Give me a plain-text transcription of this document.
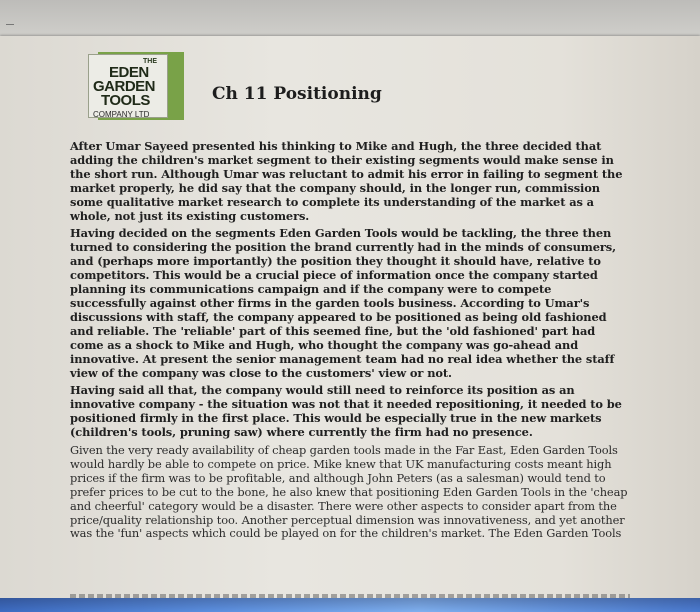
THE
EDEN
GARDEN
TOOLS
COMPANY LTD
Ch 11 Positioning

After Umar Sayeed presented his thinking to Mike and Hugh, the three decided that adding the children's market segment to their existing segments would make sense in the short run. Although Umar was reluctant to admit his error in failing to segment the market properly, he did say that the company should, in the longer run, commission some qualitative market research to complete its understanding of the market as a whole, not just its existing customers.

Having decided on the segments Eden Garden Tools would be tackling, the three then turned to considering the position the brand currently had in the minds of consumers, and (perhaps more importantly) the position they thought it should have, relative to competitors. This would be a crucial piece of information once the company started planning its communications campaign and if the company were to compete successfully against other firms in the garden tools business. According to Umar's discussions with staff, the company appeared to be positioned as being old fashioned and reliable. The 'reliable' part of this seemed fine, but the 'old fashioned' part had come as a shock to Mike and Hugh, who thought the company was go-ahead and innovative. At present the senior management team had no real idea whether the staff view of the company was close to the customers' view or not.

Having said all that, the company would still need to reinforce its position as an innovative company - the situation was not that it needed repositioning, it needed to be positioned firmly in the first place. This would be especially true in the new markets (children's tools, pruning saw) where currently the firm had no presence.

Given the very ready availability of cheap garden tools made in the Far East, Eden Garden Tools would hardly be able to compete on price. Mike knew that UK manufacturing costs meant high prices if the firm was to be profitable, and although John Peters (as a salesman) would tend to prefer prices to be cut to the bone, he also knew that positioning Eden Garden Tools in the 'cheap and cheerful' category would be a disaster. There were other aspects to consider apart from the price/quality relationship too. Another perceptual dimension was innovativeness, and yet another was the 'fun' aspects which could be played on for the children's market. The Eden Garden Tools
